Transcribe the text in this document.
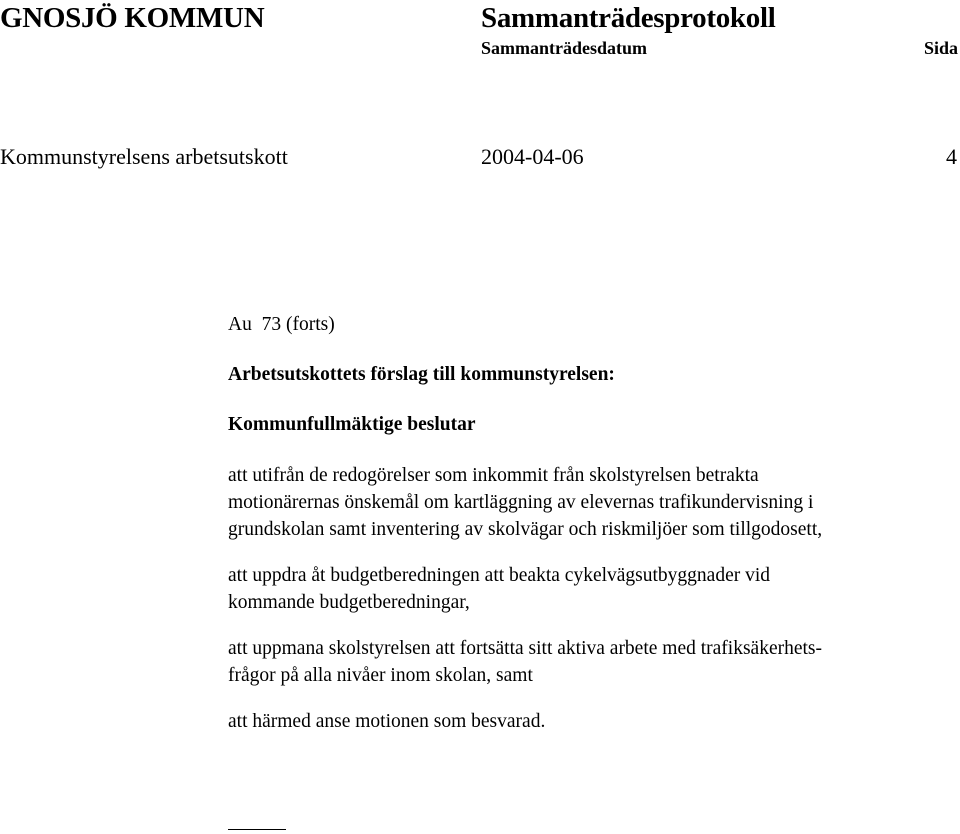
GNOSJÖ KOMMUN	Sammanträdesprotokoll
Sammanträdesdatum	Sida
Kommunstyrelsens arbetsutskott	2004-04-06	4

Au  73 (forts)

Arbetsutskottets förslag till kommunstyrelsen:

Kommunfullmäktige beslutar

att utifrån de redogörelser som inkommit från skolstyrelsen betrakta
motionärernas önskemål om kartläggning av elevernas trafikundervisning i
grundskolan samt inventering av skolvägar och riskmiljöer som tillgodosett,

att uppdra åt budgetberedningen att beakta cykelvägsutbyggnader vid
kommande budgetberedningar,

att uppmana skolstyrelsen att fortsätta sitt aktiva arbete med trafiksäkerhets-
frågor på alla nivåer inom skolan, samt

att härmed anse motionen som besvarad.
